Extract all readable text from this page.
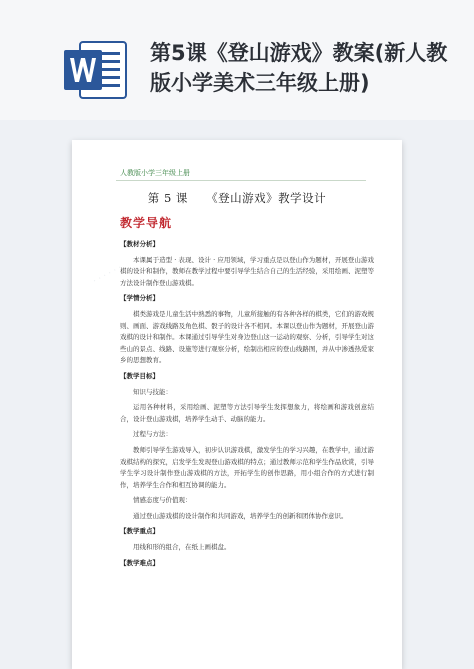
第5课《登山游戏》教案(新人教版小学美术三年级上册)
· · · · · ·
人教版小学三年级上册
第 5 课　　《登山游戏》教学设计
教学导航
【教材分析】
本课属于造型 · 表现、设计 · 应用领域，学习重点是以登山作为题材，开展登山游戏棋的设计和制作，教师在教学过程中要引导学生结合自己的生活经验，采用绘画、泥塑等方法设计制作登山游戏棋。
【学情分析】
棋类游戏是儿童生活中熟悉的事物，儿童所接触的有各种各样的棋类，它们的游戏规则、画面、游戏线路及角色棋、骰子的设计各不相同。本课以登山作为题材，开展登山游戏棋的设计和制作。本课通过引导学生对身边登山这一运动的观察、分析，引导学生对这些山的景点、线路、设施等进行观察分析，绘制出相应的登山线路图，并从中渗透热爱家乡的思想教育。
【教学目标】
知识与技能：
运用各种材料，采用绘画、泥塑等方法引导学生发挥想象力，将绘画和游戏创意结合，设计登山游戏棋，培养学生动手、动脑的能力。
过程与方法：
教师引导学生游戏导入，初步认识游戏棋，激发学生的学习兴趣，在教学中，通过游戏棋结构的探究，启发学生发现登山游戏棋的特点；通过教师示范和学生作品欣赏，引导学生学习设计制作登山游戏棋的方法，开拓学生的创作思路，用小组合作的方式进行制作，培养学生合作和相互协调的能力。
情感态度与价值观：
通过登山游戏棋的设计制作和共同游戏，培养学生的创新和团体协作意识。
【教学重点】
用线和形的组合，在纸上画棋盘。
【教学难点】
